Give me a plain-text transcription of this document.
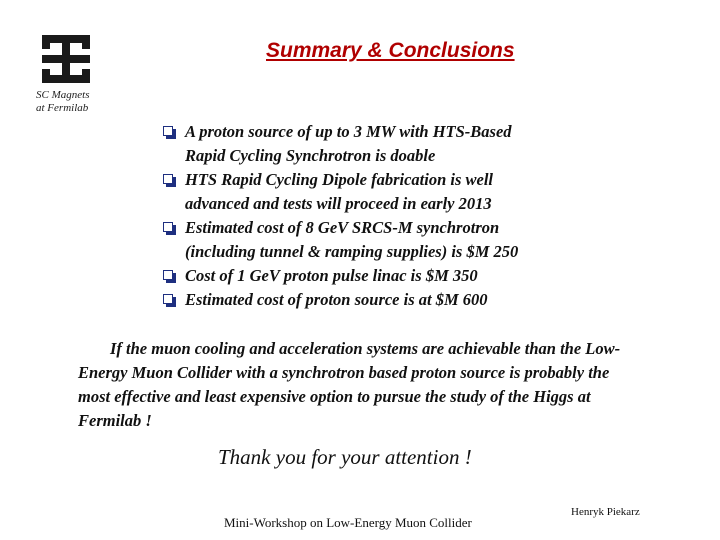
Summary & Conclusions
SC Magnets
at Fermilab
A proton source of up to 3 MW with HTS-Based
Rapid Cycling Synchrotron is doable
HTS Rapid Cycling Dipole fabrication is well
advanced and tests will proceed in early 2013
Estimated cost of 8 GeV SRCS-M synchrotron
(including tunnel & ramping supplies) is $M 250
Cost of 1 GeV proton pulse linac is $M 350
Estimated cost of proton source is at $M 600
If the muon cooling and acceleration systems are achievable than the Low-Energy Muon Collider with a synchrotron based proton source is probably the most effective and least expensive option to pursue the study of the Higgs at Fermilab !
Thank you for your attention !
Mini-Workshop on Low-Energy Muon Collider
Henryk Piekarz
